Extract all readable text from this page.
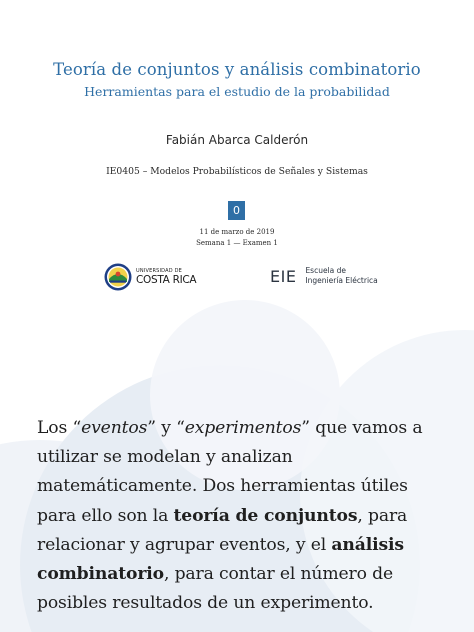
Teoría de conjuntos y análisis combinatorio
Herramientas para el estudio de la probabilidad
Fabián Abarca Calderón
IE0405 – Modelos Probabilísticos de Señales y Sistemas
0
11 de marzo de 2019
Semana 1 — Examen 1
UNIVERSIDAD DE
COSTA RICA	EIE Escuela de
Ingeniería Eléctrica
Los “eventos” y “experimentos” que vamos a
utilizar se modelan y analizan
matemáticamente. Dos herramientas útiles
para ello son la teoría de conjuntos, para
relacionar y agrupar eventos, y el análisis
combinatorio, para contar el número de
posibles resultados de un experimento.
